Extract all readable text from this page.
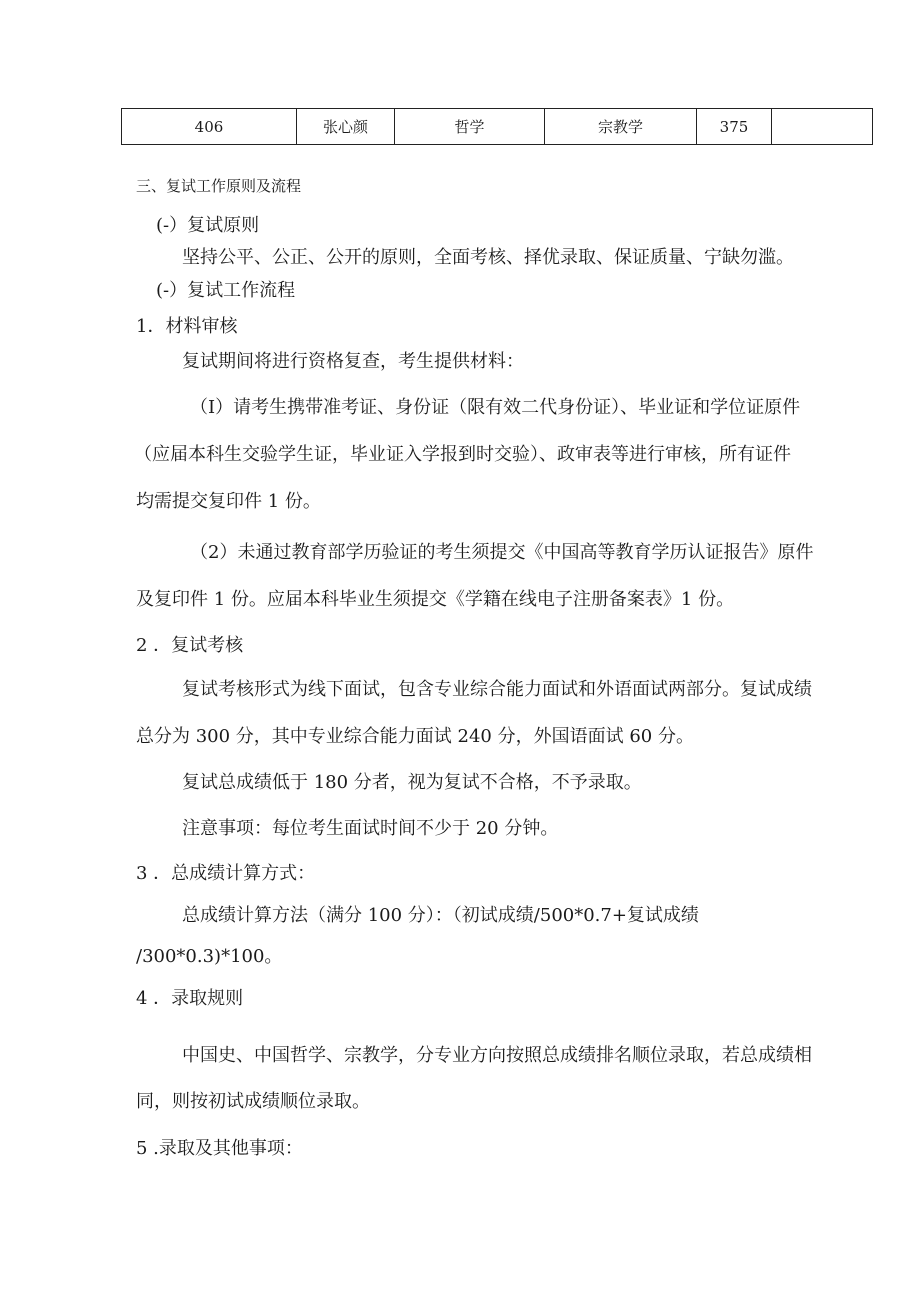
406	张心颜	哲学	宗教学	375	
三、复试工作原则及流程
(-）复试原则
坚持公平、公正、公开的原则，全面考核、择优录取、保证质量、宁缺勿滥。
(-）复试工作流程
1．材料审核
复试期间将进行资格复查，考生提供材料：
（I）请考生携带准考证、身份证（限有效二代身份证）、毕业证和学位证原件
（应届本科生交验学生证，毕业证入学报到时交验）、政审表等进行审核，所有证件
均需提交复印件 1 份。
（2）未通过教育部学历验证的考生须提交《中国高等教育学历认证报告》原件
及复印件 1 份。应届本科毕业生须提交《学籍在线电子注册备案表》1 份。
2 ．复试考核
复试考核形式为线下面试，包含专业综合能力面试和外语面试两部分。复试成绩
总分为 300 分，其中专业综合能力面试 240 分，外国语面试 60 分。
复试总成绩低于 180 分者，视为复试不合格，不予录取。
注意事项：每位考生面试时间不少于 20 分钟。
3 ．总成绩计算方式：
总成绩计算方法（满分 100 分）：（初试成绩/500*0.7+复试成绩
/300*0.3)*100。
4 ．录取规则
中国史、中国哲学、宗教学，分专业方向按照总成绩排名顺位录取，若总成绩相
同，则按初试成绩顺位录取。
5 .录取及其他事项：
